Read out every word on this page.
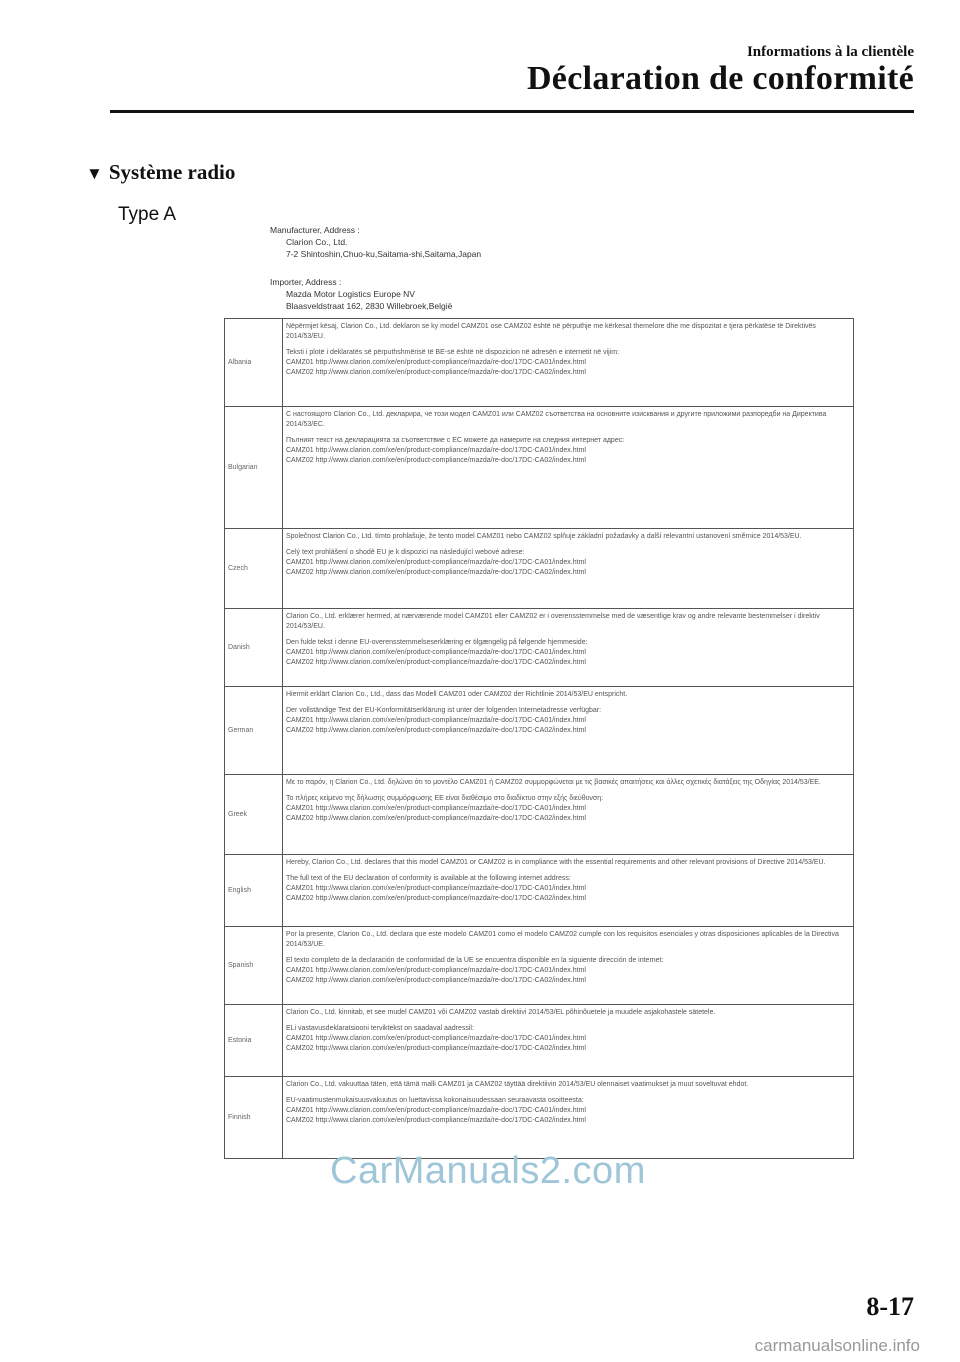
Informations à la clientèle
Déclaration de conformité
▼ Système radio
Type A
Manufacturer, Address :
Clarion Co., Ltd.
7-2 Shintoshin,Chuo-ku,Saitama-shi,Saitama,Japan
Importer, Address :
Mazda Motor Logistics Europe NV
Blaasveldstraat 162, 2830 Willebroek,België
Albania	Nëpërmjet kësaj, Clarion Co., Ltd. deklaron se ky model CAMZ01 ose CAMZ02 është në përputhje me kërkesat themelore dhe me dispozitat e tjera përkatëse të Direktivës 2014/53/EU.
Teksti i plotë i deklaratës së përputhshmërisë të BE-së është në dispozicion në adresën e internetit në vijim:
CAMZ01 http://www.clarion.com/xe/en/product-compliance/mazda/re-doc/17DC-CA01/index.html
CAMZ02 http://www.clarion.com/xe/en/product-compliance/mazda/re-doc/17DC-CA02/index.html

Bulgarian	С настоящото Clarion Co., Ltd. декларира, че този модел CAMZ01 или CAMZ02 съответства на основните изисквания и другите приложими разпоредби на Директива 2014/53/ЕС.
Пълният текст на декларацията за съответствие с ЕС можете да намерите на следния интернет адрес:
CAMZ01 http://www.clarion.com/xe/en/product-compliance/mazda/re-doc/17DC-CA01/index.html
CAMZ02 http://www.clarion.com/xe/en/product-compliance/mazda/re-doc/17DC-CA02/index.html

Czech	Společnost Clarion Co., Ltd. tímto prohlašuje, že tento model CAMZ01 nebo CAMZ02 splňuje základní požadavky a další relevantní ustanovení směrnice 2014/53/EU.
Celý text prohlášení o shodě EU je k dispozici na následující webové adrese:
CAMZ01 http://www.clarion.com/xe/en/product-compliance/mazda/re-doc/17DC-CA01/index.html
CAMZ02 http://www.clarion.com/xe/en/product-compliance/mazda/re-doc/17DC-CA02/index.html

Danish	Clarion Co., Ltd. erklærer hermed, at nærværende model CAMZ01 eller CAMZ02 er i overensstemmelse med de væsentlige krav og andre relevante bestemmelser i direktiv 2014/53/EU.
Den fulde tekst i denne EU-overensstemmelseserklæring er tilgængelig på følgende hjemmeside:
CAMZ01 http://www.clarion.com/xe/en/product-compliance/mazda/re-doc/17DC-CA01/index.html
CAMZ02 http://www.clarion.com/xe/en/product-compliance/mazda/re-doc/17DC-CA02/index.html

German	Hiermit erklärt Clarion Co., Ltd., dass das Modell CAMZ01 oder CAMZ02 der Richtlinie 2014/53/EU entspricht.
Der vollständige Text der EU-Konformitätserklärung ist unter der folgenden Internetadresse verfügbar:
CAMZ01 http://www.clarion.com/xe/en/product-compliance/mazda/re-doc/17DC-CA01/index.html
CAMZ02 http://www.clarion.com/xe/en/product-compliance/mazda/re-doc/17DC-CA02/index.html

Greek	Με το παρόν, η Clarion Co., Ltd. δηλώνει ότι το μοντέλο CAMZ01 ή CAMZ02 συμμορφώνεται με τις βασικές απαιτήσεις και άλλες σχετικές διατάξεις της Οδηγίας 2014/53/ΕΕ.
Το πλήρες κείμενο της δήλωσης συμμόρφωσης ΕΕ είναι διαθέσιμο στο διαδίκτυο στην εξής διεύθυνση:
CAMZ01 http://www.clarion.com/xe/en/product-compliance/mazda/re-doc/17DC-CA01/index.html
CAMZ02 http://www.clarion.com/xe/en/product-compliance/mazda/re-doc/17DC-CA02/index.html

English	Hereby, Clarion Co., Ltd. declares that this model CAMZ01 or CAMZ02 is in compliance with the essential requirements and other relevant provisions of Directive 2014/53/EU.
The full text of the EU declaration of conformity is available at the following internet address:
CAMZ01 http://www.clarion.com/xe/en/product-compliance/mazda/re-doc/17DC-CA01/index.html
CAMZ02 http://www.clarion.com/xe/en/product-compliance/mazda/re-doc/17DC-CA02/index.html

Spanish	Por la presente, Clarion Co., Ltd. declara que este modelo CAMZ01 como el modelo CAMZ02 cumple con los requisitos esenciales y otras disposiciones aplicables de la Directiva 2014/53/UE.
El texto completo de la declaración de conformidad de la UE se encuentra disponible en la siguiente dirección de internet:
CAMZ01 http://www.clarion.com/xe/en/product-compliance/mazda/re-doc/17DC-CA01/index.html
CAMZ02 http://www.clarion.com/xe/en/product-compliance/mazda/re-doc/17DC-CA02/index.html

Estonia	Clarion Co., Ltd. kinnitab, et see mudel CAMZ01 või CAMZ02 vastab direktiivi 2014/53/EL põhinõuetele ja muudele asjakohastele sätetele.
ELi vastavusdeklaratsiooni terviktekst on saadaval aadressil:
CAMZ01 http://www.clarion.com/xe/en/product-compliance/mazda/re-doc/17DC-CA01/index.html
CAMZ02 http://www.clarion.com/xe/en/product-compliance/mazda/re-doc/17DC-CA02/index.html

Finnish	Clarion Co., Ltd. vakuuttaa täten, että tämä malli CAMZ01 ja CAMZ02 täyttää direktiivin 2014/53/EU olennaiset vaatimukset ja muut soveltuvat ehdot.
EU-vaatimustenmukaisuusvakuutus on luettavissa kokonaisuudessaan seuraavasta osoitteesta:
CAMZ01 http://www.clarion.com/xe/en/product-compliance/mazda/re-doc/17DC-CA01/index.html
CAMZ02 http://www.clarion.com/xe/en/product-compliance/mazda/re-doc/17DC-CA02/index.html
CarManuals2.com
8-17
carmanualsonline.info
